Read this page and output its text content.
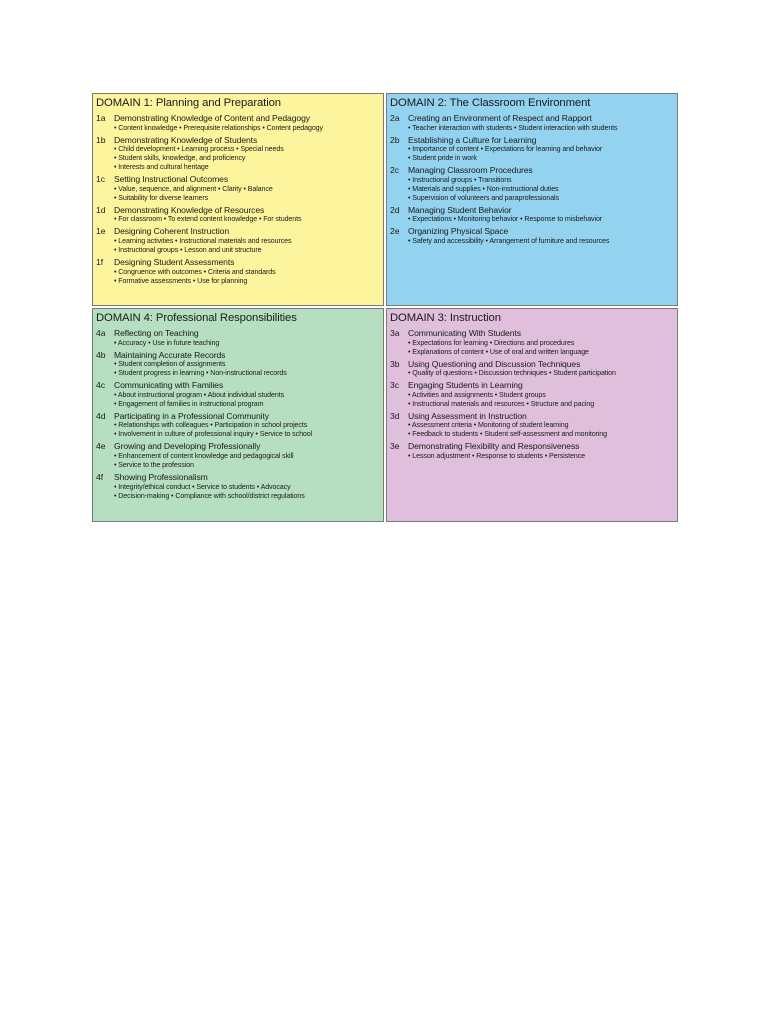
DOMAIN 1: Planning and Preparation
1a Demonstrating Knowledge of Content and Pedagogy
• Content knowledge • Prerequisite relationships • Content pedagogy
1b Demonstrating Knowledge of Students
• Child development • Learning process • Special needs
• Student skills, knowledge, and proficiency
• Interests and cultural heritage
1c	Setting Instructional Outcomes
• Value, sequence, and alignment • Clarity • Balance
• Suitability for diverse learners
1d Demonstrating Knowledge of Resources
• For classroom • To extend content knowledge • For students
1e Designing Coherent Instruction
• Learning activities • Instructional materials and resources
• Instructional groups • Lesson and unit structure
1f	Designing Student Assessments
• Congruence with outcomes • Criteria and standards
• Formative assessments • Use for planning
DOMAIN 2: The Classroom Environment
2a Creating an Environment of Respect and Rapport
• Teacher interaction with students • Student interaction with students
2b Establishing a Culture for Learning
• Importance of content • Expectations for learning and behavior
• Student pride in work
2c	Managing Classroom Procedures
• Instructional groups • Transitions
• Materials and supplies • Non-instructional duties
• Supervision of volunteers and paraprofessionals
2d Managing Student Behavior
• Expectations • Monitoring behavior • Response to misbehavior
2e Organizing Physical Space
• Safety and accessibility • Arrangement of furniture and resources
DOMAIN 4: Professional Responsibilities
4a Reflecting on Teaching
• Accuracy • Use in future teaching
4b Maintaining Accurate Records
• Student completion of assignments
• Student progress in learning • Non-instructional records
4c	Communicating with Families
• About instructional program • About individual students
• Engagement of families in instructional program
4d Participating in a Professional Community
• Relationships with colleagues • Participation in school projects
• Involvement in culture of professional inquiry • Service to school
4e Growing and Developing Professionally
• Enhancement of content knowledge and pedagogical skill
• Service to the profession
4f	Showing Professionalism
• Integrity/ethical conduct • Service to students • Advocacy
• Decision-making • Compliance with school/district regulations
DOMAIN 3: Instruction
3a Communicating With Students
• Expectations for learning • Directions and procedures
• Explanations of content • Use of oral and written language
3b Using Questioning and Discussion Techniques
• Quality of questions • Discussion techniques • Student participation
3c	Engaging Students in Learning
• Activities and assignments • Student groups
• Instructional materials and resources • Structure and pacing
3d Using Assessment in Instruction
• Assessment criteria • Monitoring of student learning
• Feedback to students • Student self-assessment and monitoring
3e Demonstrating Flexibility and Responsiveness
• Lesson adjustment • Response to students • Persistence
